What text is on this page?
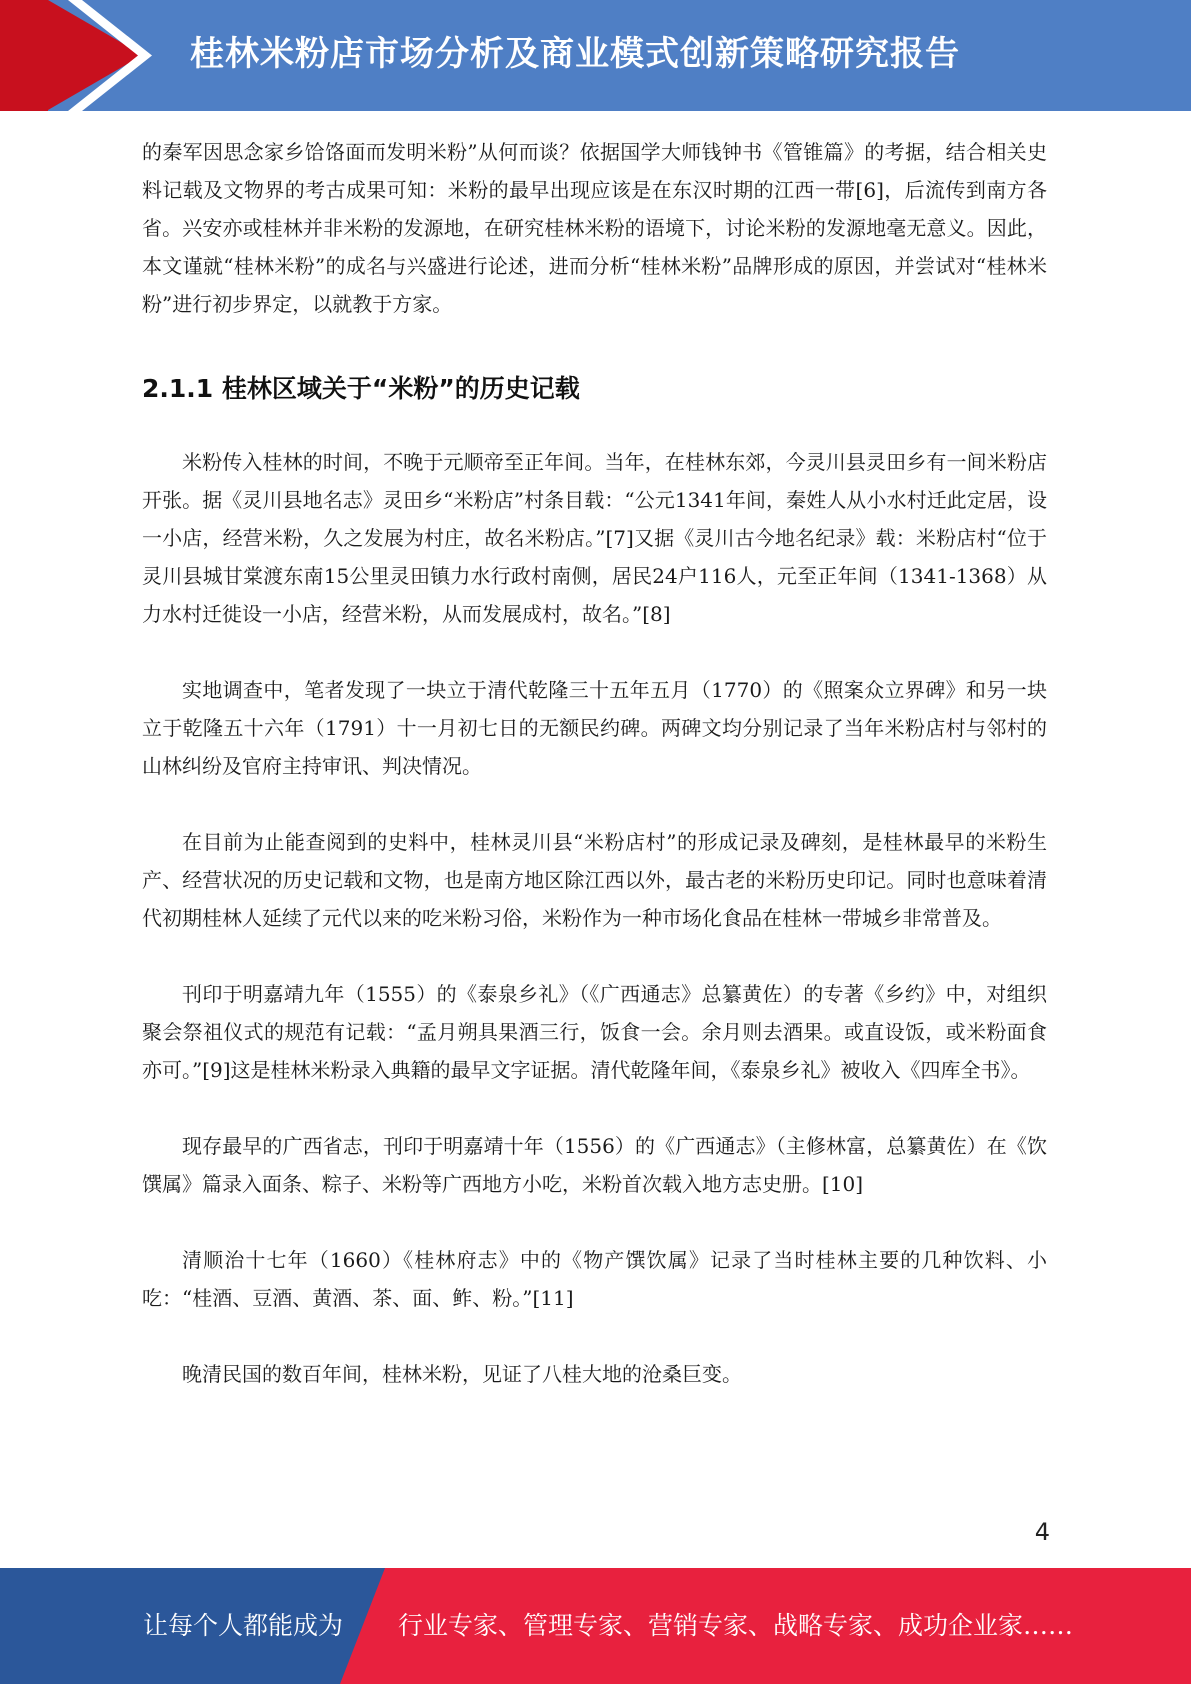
桂林米粉店市场分析及商业模式创新策略研究报告

的秦军因思念家乡饸饹面而发明米粉”从何而谈？依据国学大师钱钟书《管锥篇》的考据，结合相关史料记载及文物界的考古成果可知：米粉的最早出现应该是在东汉时期的江西一带[6]，后流传到南方各省。兴安亦或桂林并非米粉的发源地，在研究桂林米粉的语境下，讨论米粉的发源地毫无意义。因此，本文谨就“桂林米粉”的成名与兴盛进行论述，进而分析“桂林米粉”品牌形成的原因，并尝试对“桂林米粉”进行初步界定，以就教于方家。

2.1.1 桂林区域关于“米粉”的历史记载

米粉传入桂林的时间，不晚于元顺帝至正年间。当年，在桂林东郊，今灵川县灵田乡有一间米粉店开张。据《灵川县地名志》灵田乡“米粉店”村条目载：“公元1341年间，秦姓人从小水村迁此定居，设一小店，经营米粉，久之发展为村庄，故名米粉店。”[7]又据《灵川古今地名纪录》载：米粉店村“位于灵川县城甘棠渡东南15公里灵田镇力水行政村南侧，居民24户116人，元至正年间（1341-1368）从力水村迁徙设一小店，经营米粉，从而发展成村，故名。”[8]

实地调查中，笔者发现了一块立于清代乾隆三十五年五月（1770）的《照案众立界碑》和另一块立于乾隆五十六年（1791）十一月初七日的无额民约碑。两碑文均分别记录了当年米粉店村与邻村的山林纠纷及官府主持审讯、判决情况。

在目前为止能查阅到的史料中，桂林灵川县“米粉店村”的形成记录及碑刻，是桂林最早的米粉生产、经营状况的历史记载和文物，也是南方地区除江西以外，最古老的米粉历史印记。同时也意味着清代初期桂林人延续了元代以来的吃米粉习俗，米粉作为一种市场化食品在桂林一带城乡非常普及。

刊印于明嘉靖九年（1555）的《泰泉乡礼》（《广西通志》总纂黄佐）的专著《乡约》中，对组织聚会祭祖仪式的规范有记载：“孟月朔具果酒三行，饭食一会。余月则去酒果。或直设饭，或米粉面食亦可。”[9]这是桂林米粉录入典籍的最早文字证据。清代乾隆年间，《泰泉乡礼》被收入《四库全书》。

现存最早的广西省志，刊印于明嘉靖十年（1556）的《广西通志》（主修林富，总纂黄佐）在《饮馔属》篇录入面条、粽子、米粉等广西地方小吃，米粉首次载入地方志史册。[10]

清顺治十七年（1660）《桂林府志》中的《物产馔饮属》记录了当时桂林主要的几种饮料、小吃：“桂酒、豆酒、黄酒、茶、面、鲊、粉。”[11]

晚清民国的数百年间，桂林米粉，见证了八桂大地的沧桑巨变。

4
让每个人都能成为 行业专家、管理专家、营销专家、战略专家、成功企业家……
